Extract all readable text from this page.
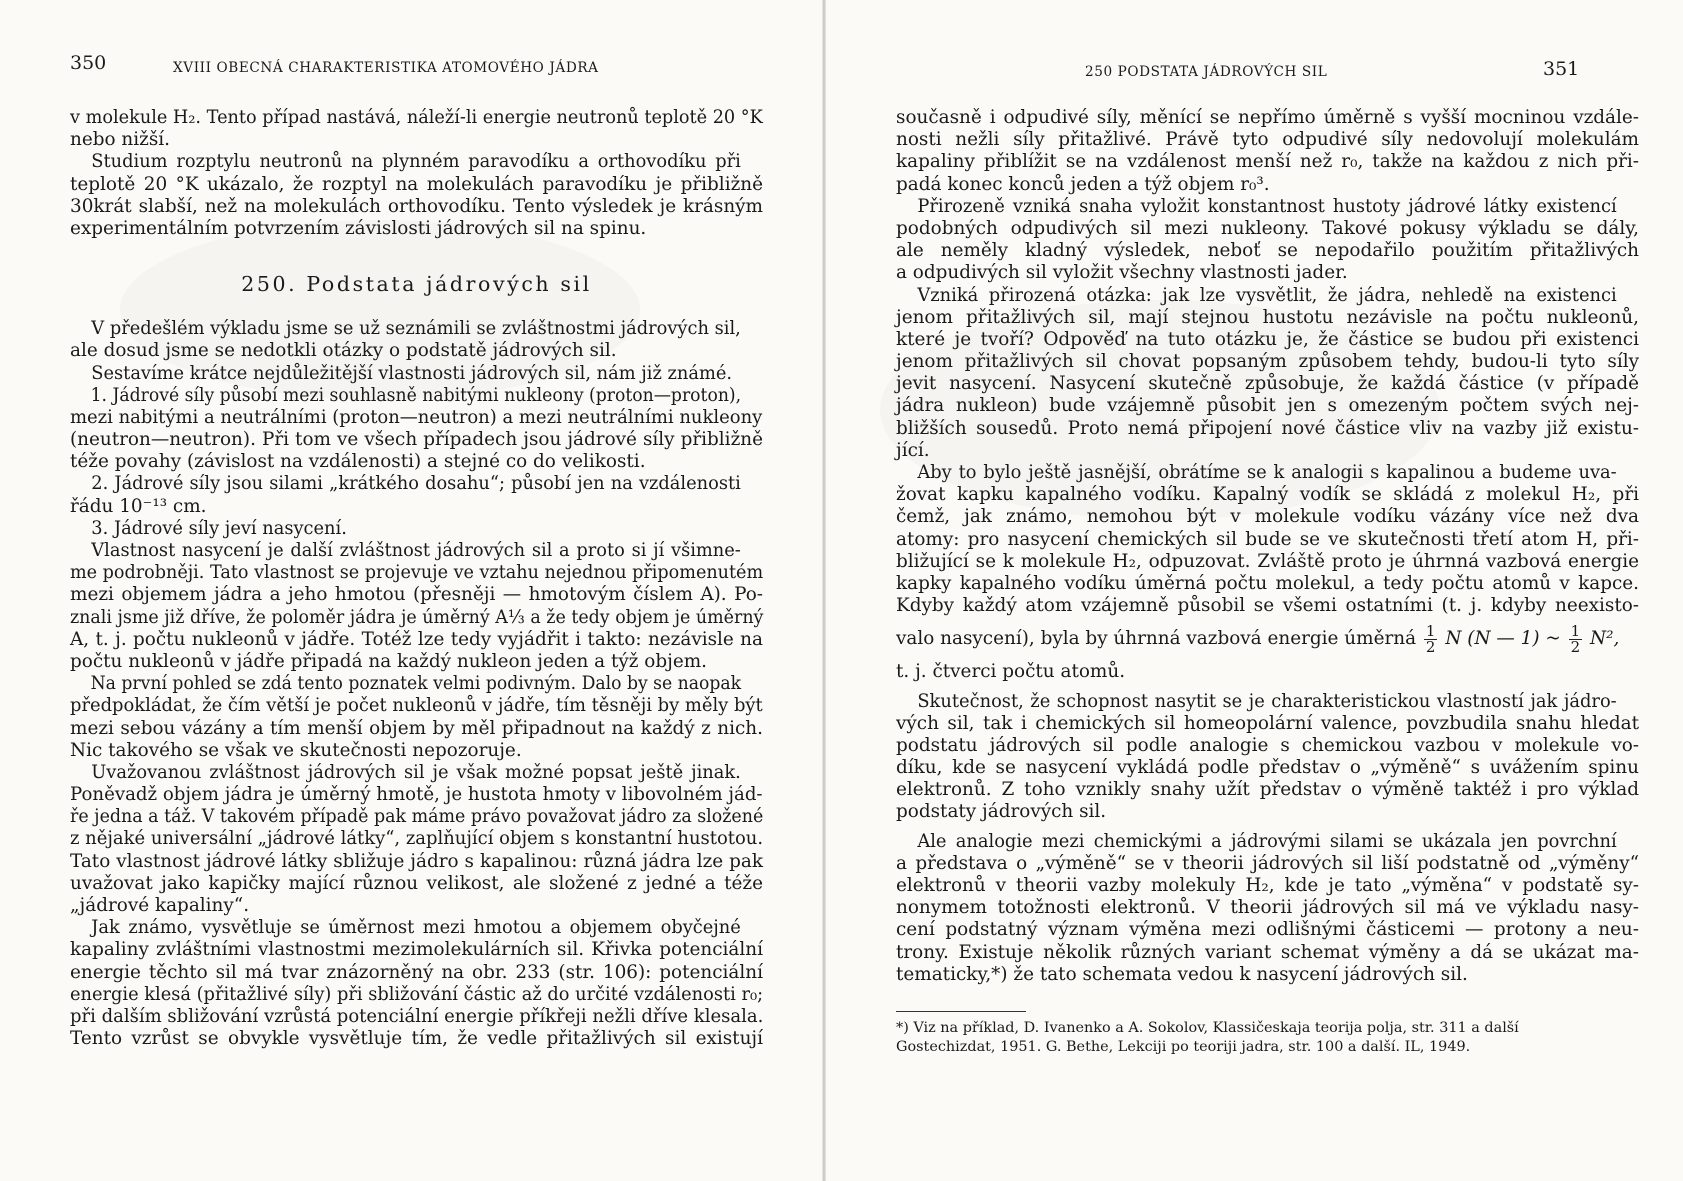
350	XVIII OBECNÁ CHARAKTERISTIKA ATOMOVÉHO JÁDRA
v molekule H₂. Tento případ nastává, náleží-li energie neutronů teplotě 20 °K
nebo nižší.
Studium rozptylu neutronů na plynném paravodíku a orthovodíku při
teplotě 20 °K ukázalo, že rozptyl na molekulách paravodíku je přibližně
30krát slabší, než na molekulách orthovodíku. Tento výsledek je krásným
experimentálním potvrzením závislosti jádrových sil na spinu.
250. Podstata jádrových sil
V předešlém výkladu jsme se už seznámili se zvláštnostmi jádrových sil,
ale dosud jsme se nedotkli otázky o podstatě jádrových sil.
Sestavíme krátce nejdůležitější vlastnosti jádrových sil, nám již známé.
1. Jádrové síly působí mezi souhlasně nabitými nukleony (proton—proton),
mezi nabitými a neutrálními (proton—neutron) a mezi neutrálními nukleony
(neutron—neutron). Při tom ve všech případech jsou jádrové síly přibližně
téže povahy (závislost na vzdálenosti) a stejné co do velikosti.
2. Jádrové síly jsou silami „krátkého dosahu“; působí jen na vzdálenosti
řádu 10⁻¹³ cm.
3. Jádrové síly jeví nasycení.
Vlastnost nasycení je další zvláštnost jádrových sil a proto si jí všimne-
me podrobněji. Tato vlastnost se projevuje ve vztahu nejednou připomenutém
mezi objemem jádra a jeho hmotou (přesněji — hmotovým číslem A). Po-
znali jsme již dříve, že poloměr jádra je úměrný A⅓ a že tedy objem je úměrný
A, t. j. počtu nukleonů v jádře. Totéž lze tedy vyjádřit i takto: nezávisle na
počtu nukleonů v jádře připadá na každý nukleon jeden a týž objem.
Na první pohled se zdá tento poznatek velmi podivným. Dalo by se naopak
předpokládat, že čím větší je počet nukleonů v jádře, tím těsněji by měly být
mezi sebou vázány a tím menší objem by měl připadnout na každý z nich.
Nic takového se však ve skutečnosti nepozoruje.
Uvažovanou zvláštnost jádrových sil je však možné popsat ještě jinak.
Poněvadž objem jádra je úměrný hmotě, je hustota hmoty v libovolném jád-
ře jedna a táž. V takovém případě pak máme právo považovat jádro za složené
z nějaké universální „jádrové látky“, zaplňující objem s konstantní hustotou.
Tato vlastnost jádrové látky sbližuje jádro s kapalinou: různá jádra lze pak
uvažovat jako kapičky mající různou velikost, ale složené z jedné a téže
„jádrové kapaliny“.
Jak známo, vysvětluje se úměrnost mezi hmotou a objemem obyčejné
kapaliny zvláštními vlastnostmi mezimolekulárních sil. Křivka potenciální
energie těchto sil má tvar znázorněný na obr. 233 (str. 106): potenciální
energie klesá (přitažlivé síly) při sbližování částic až do určité vzdálenosti r₀;
při dalším sbližování vzrůstá potenciální energie příkřeji nežli dříve klesala.
Tento vzrůst se obvykle vysvětluje tím, že vedle přitažlivých sil existují
250 PODSTATA JÁDROVÝCH SIL	351
současně i odpudivé síly, měnící se nepřímo úměrně s vyšší mocninou vzdále-
nosti nežli síly přitažlivé. Právě tyto odpudivé síly nedovolují molekulám
kapaliny přiblížit se na vzdálenost menší než r₀, takže na každou z nich při-
padá konec konců jeden a týž objem r₀³.
Přirozeně vzniká snaha vyložit konstantnost hustoty jádrové látky existencí
podobných odpudivých sil mezi nukleony. Takové pokusy výkladu se dály,
ale neměly kladný výsledek, neboť se nepodařilo použitím přitažlivých
a odpudivých sil vyložit všechny vlastnosti jader.
Vzniká přirozená otázka: jak lze vysvětlit, že jádra, nehledě na existenci
jenom přitažlivých sil, mají stejnou hustotu nezávisle na počtu nukleonů,
které je tvoří? Odpověď na tuto otázku je, že částice se budou při existenci
jenom přitažlivých sil chovat popsaným způsobem tehdy, budou-li tyto síly
jevit nasycení. Nasycení skutečně způsobuje, že každá částice (v případě
jádra nukleon) bude vzájemně působit jen s omezeným počtem svých nej-
bližších sousedů. Proto nemá připojení nové částice vliv na vazby již existu-
jící.
Aby to bylo ještě jasnější, obrátíme se k analogii s kapalinou a budeme uva-
žovat kapku kapalného vodíku. Kapalný vodík se skládá z molekul H₂, při
čemž, jak známo, nemohou být v molekule vodíku vázány více než dva
atomy: pro nasycení chemických sil bude se ve skutečnosti třetí atom H, při-
bližující se k molekule H₂, odpuzovat. Zvláště proto je úhrnná vazbová energie
kapky kapalného vodíku úměrná počtu molekul, a tedy počtu atomů v kapce.
Kdyby každý atom vzájemně působil se všemi ostatními (t. j. kdyby neexisto-
valo nasycení), byla by úhrnná vazbová energie úměrná $\frac{1}{2}$ N (N — 1) ~ $\frac{1}{2} N^2$,
t. j. čtverci počtu atomů.
Skutečnost, že schopnost nasytit se je charakteristickou vlastností jak jádro-
vých sil, tak i chemických sil homeopolární valence, povzbudila snahu hledat
podstatu jádrových sil podle analogie s chemickou vazbou v molekule vo-
díku, kde se nasycení vykládá podle představ o „výměně“ s uvážením spinu
elektronů. Z toho vznikly snahy užít představ o výměně taktéž i pro výklad
podstaty jádrových sil.
Ale analogie mezi chemickými a jádrovými silami se ukázala jen povrchní
a představa o „výměně“ se v theorii jádrových sil liší podstatně od „výměny“
elektronů v theorii vazby molekuly H₂, kde je tato „výměna“ v podstatě sy-
nonymem totožnosti elektronů. V theorii jádrových sil má ve výkladu nasy-
cení podstatný význam výměna mezi odlišnými částicemi — protony a neu-
trony. Existuje několik různých variant schemat výměny a dá se ukázat ma-
tematicky,*) že tato schemata vedou k nasycení jádrových sil.
*) Viz na příklad, D. Ivanenko a A. Sokolov, Klassičeskaja teorija polja, str. 311 a další
Gostechizdat, 1951. G. Bethe, Lekciji po teoriji jadra, str. 100 a další. IL, 1949.
